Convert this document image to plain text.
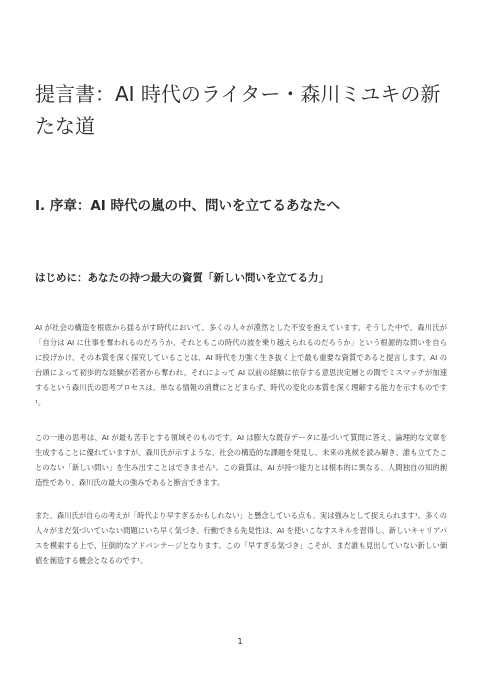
提言書：AI 時代のライター・森川ミユキの新たな道
I. 序章：AI 時代の嵐の中、問いを立てるあなたへ
はじめに：あなたの持つ最大の資質「新しい問いを立てる力」

AI が社会の構造を根底から揺るがす時代において、多くの人々が漠然とした不安を抱えています。そうした中で、森川氏が「自分は AI に仕事を奪われるのだろうか、それともこの時代の波を乗り越えられるのだろうか」という根源的な問いを自らに投げかけ、その本質を深く探究していることは、AI 時代を力強く生き抜く上で最も重要な資質であると提言します。AI の台頭によって初歩的な経験が若者から奪われ、それによって AI 以前の経験に依存する意思決定層との間でミスマッチが加速するという森川氏の思考プロセスは、単なる情報の消費にとどまらず、時代の変化の本質を深く理解する能力を示すものです¹。

この一連の思考は、AI が最も苦手とする領域そのものです。AI は膨大な既存データに基づいて質問に答え、論理的な文章を生成することに優れていますが、森川氏が示すような、社会の構造的な課題を発見し、未来の兆候を読み解き、誰も立てたことのない「新しい問い」を生み出すことはできません¹。この資質は、AI が持つ能力とは根本的に異なる、人間独自の知的創造性であり、森川氏の最大の強みであると断言できます。

また、森川氏が自らの考えが「時代より早すぎるかもしれない」と懸念している点も、実は強みとして捉えられます¹。多くの人々がまだ気づいていない問題にいち早く気づき、行動できる先見性は、AI を使いこなすスキルを習得し、新しいキャリアパスを模索する上で、圧倒的なアドバンテージとなります。この「早すぎる気づき」こそが、まだ誰も見出していない新しい価値を創造する機会となるのです¹。

1
